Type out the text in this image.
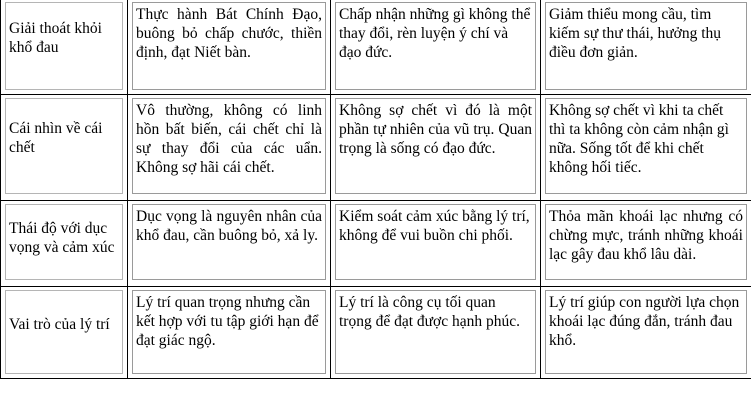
Giải thoát khỏi khổ đau	Thực hành Bát Chính Đạo, buông bỏ chấp chước, thiền định, đạt Niết bàn.	Chấp nhận những gì không thể thay đổi, rèn luyện ý chí và đạo đức.	Giảm thiểu mong cầu, tìm kiếm sự thư thái, hưởng thụ điều đơn giản.

Cái nhìn về cái chết	Vô thường, không có linh hồn bất biến, cái chết chỉ là sự thay đổi của các uẩn. Không sợ hãi cái chết.	Không sợ chết vì đó là một phần tự nhiên của vũ trụ. Quan trọng là sống có đạo đức.	Không sợ chết vì khi ta chết thì ta không còn cảm nhận gì nữa. Sống tốt để khi chết không hối tiếc.

Thái độ với dục vọng và cảm xúc	Dục vọng là nguyên nhân của khổ đau, cần buông bỏ, xả ly.	Kiểm soát cảm xúc bằng lý trí, không để vui buồn chi phối.	Thỏa mãn khoái lạc nhưng có chừng mực, tránh những khoái lạc gây đau khổ lâu dài.

Vai trò của lý trí	Lý trí quan trọng nhưng cần kết hợp với tu tập giới hạn để đạt giác ngộ.	Lý trí là công cụ tối quan trọng để đạt được hạnh phúc.	Lý trí giúp con người lựa chọn khoái lạc đúng đắn, tránh đau khổ.
